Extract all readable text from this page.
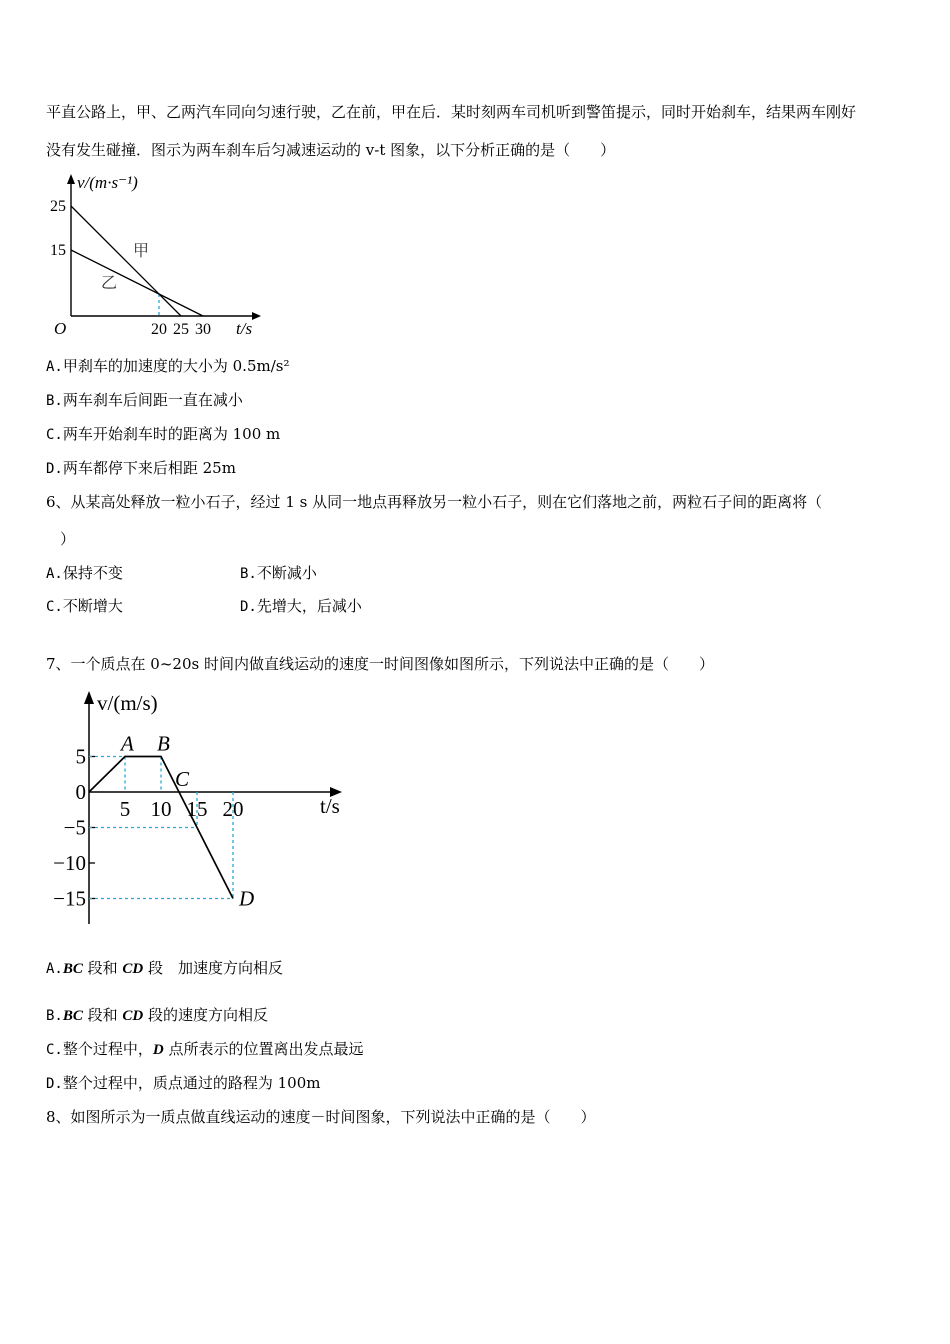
平直公路上，甲、乙两汽车同向匀速行驶，乙在前，甲在后．某时刻两车司机听到警笛提示，同时开始刹车，结果两车刚好
没有发生碰撞．图示为两车刹车后匀减速运动的 v-t 图象，以下分析正确的是（　　）
v/(m·s⁻¹)
t/s
O
25
15
20 25 30
甲
乙
A.甲刹车的加速度的大小为 0.5m/s²
B.两车刹车后间距一直在减小
C.两车开始刹车时的距离为 100 m
D.两车都停下来后相距 25m
6、从某高处释放一粒小石子，经过 1 s 从同一地点再释放另一粒小石子，则在它们落地之前，两粒石子间的距离将（
）
A.保持不变	B.不断减小
C.不断增大	D.先增大，后减小
7、一个质点在 0~20s 时间内做直线运动的速度一时间图像如图所示，下列说法中正确的是（　　）
v/(m/s)
t/s
5
0
−5
−10
−15
5 10 15 20
A B
C
D
A.BC 段和 CD 段　加速度方向相反
B.BC 段和 CD 段的速度方向相反
C.整个过程中，D 点所表示的位置离出发点最远
D.整个过程中，质点通过的路程为 100m
8、如图所示为一质点做直线运动的速度－时间图象，下列说法中正确的是（　　）
